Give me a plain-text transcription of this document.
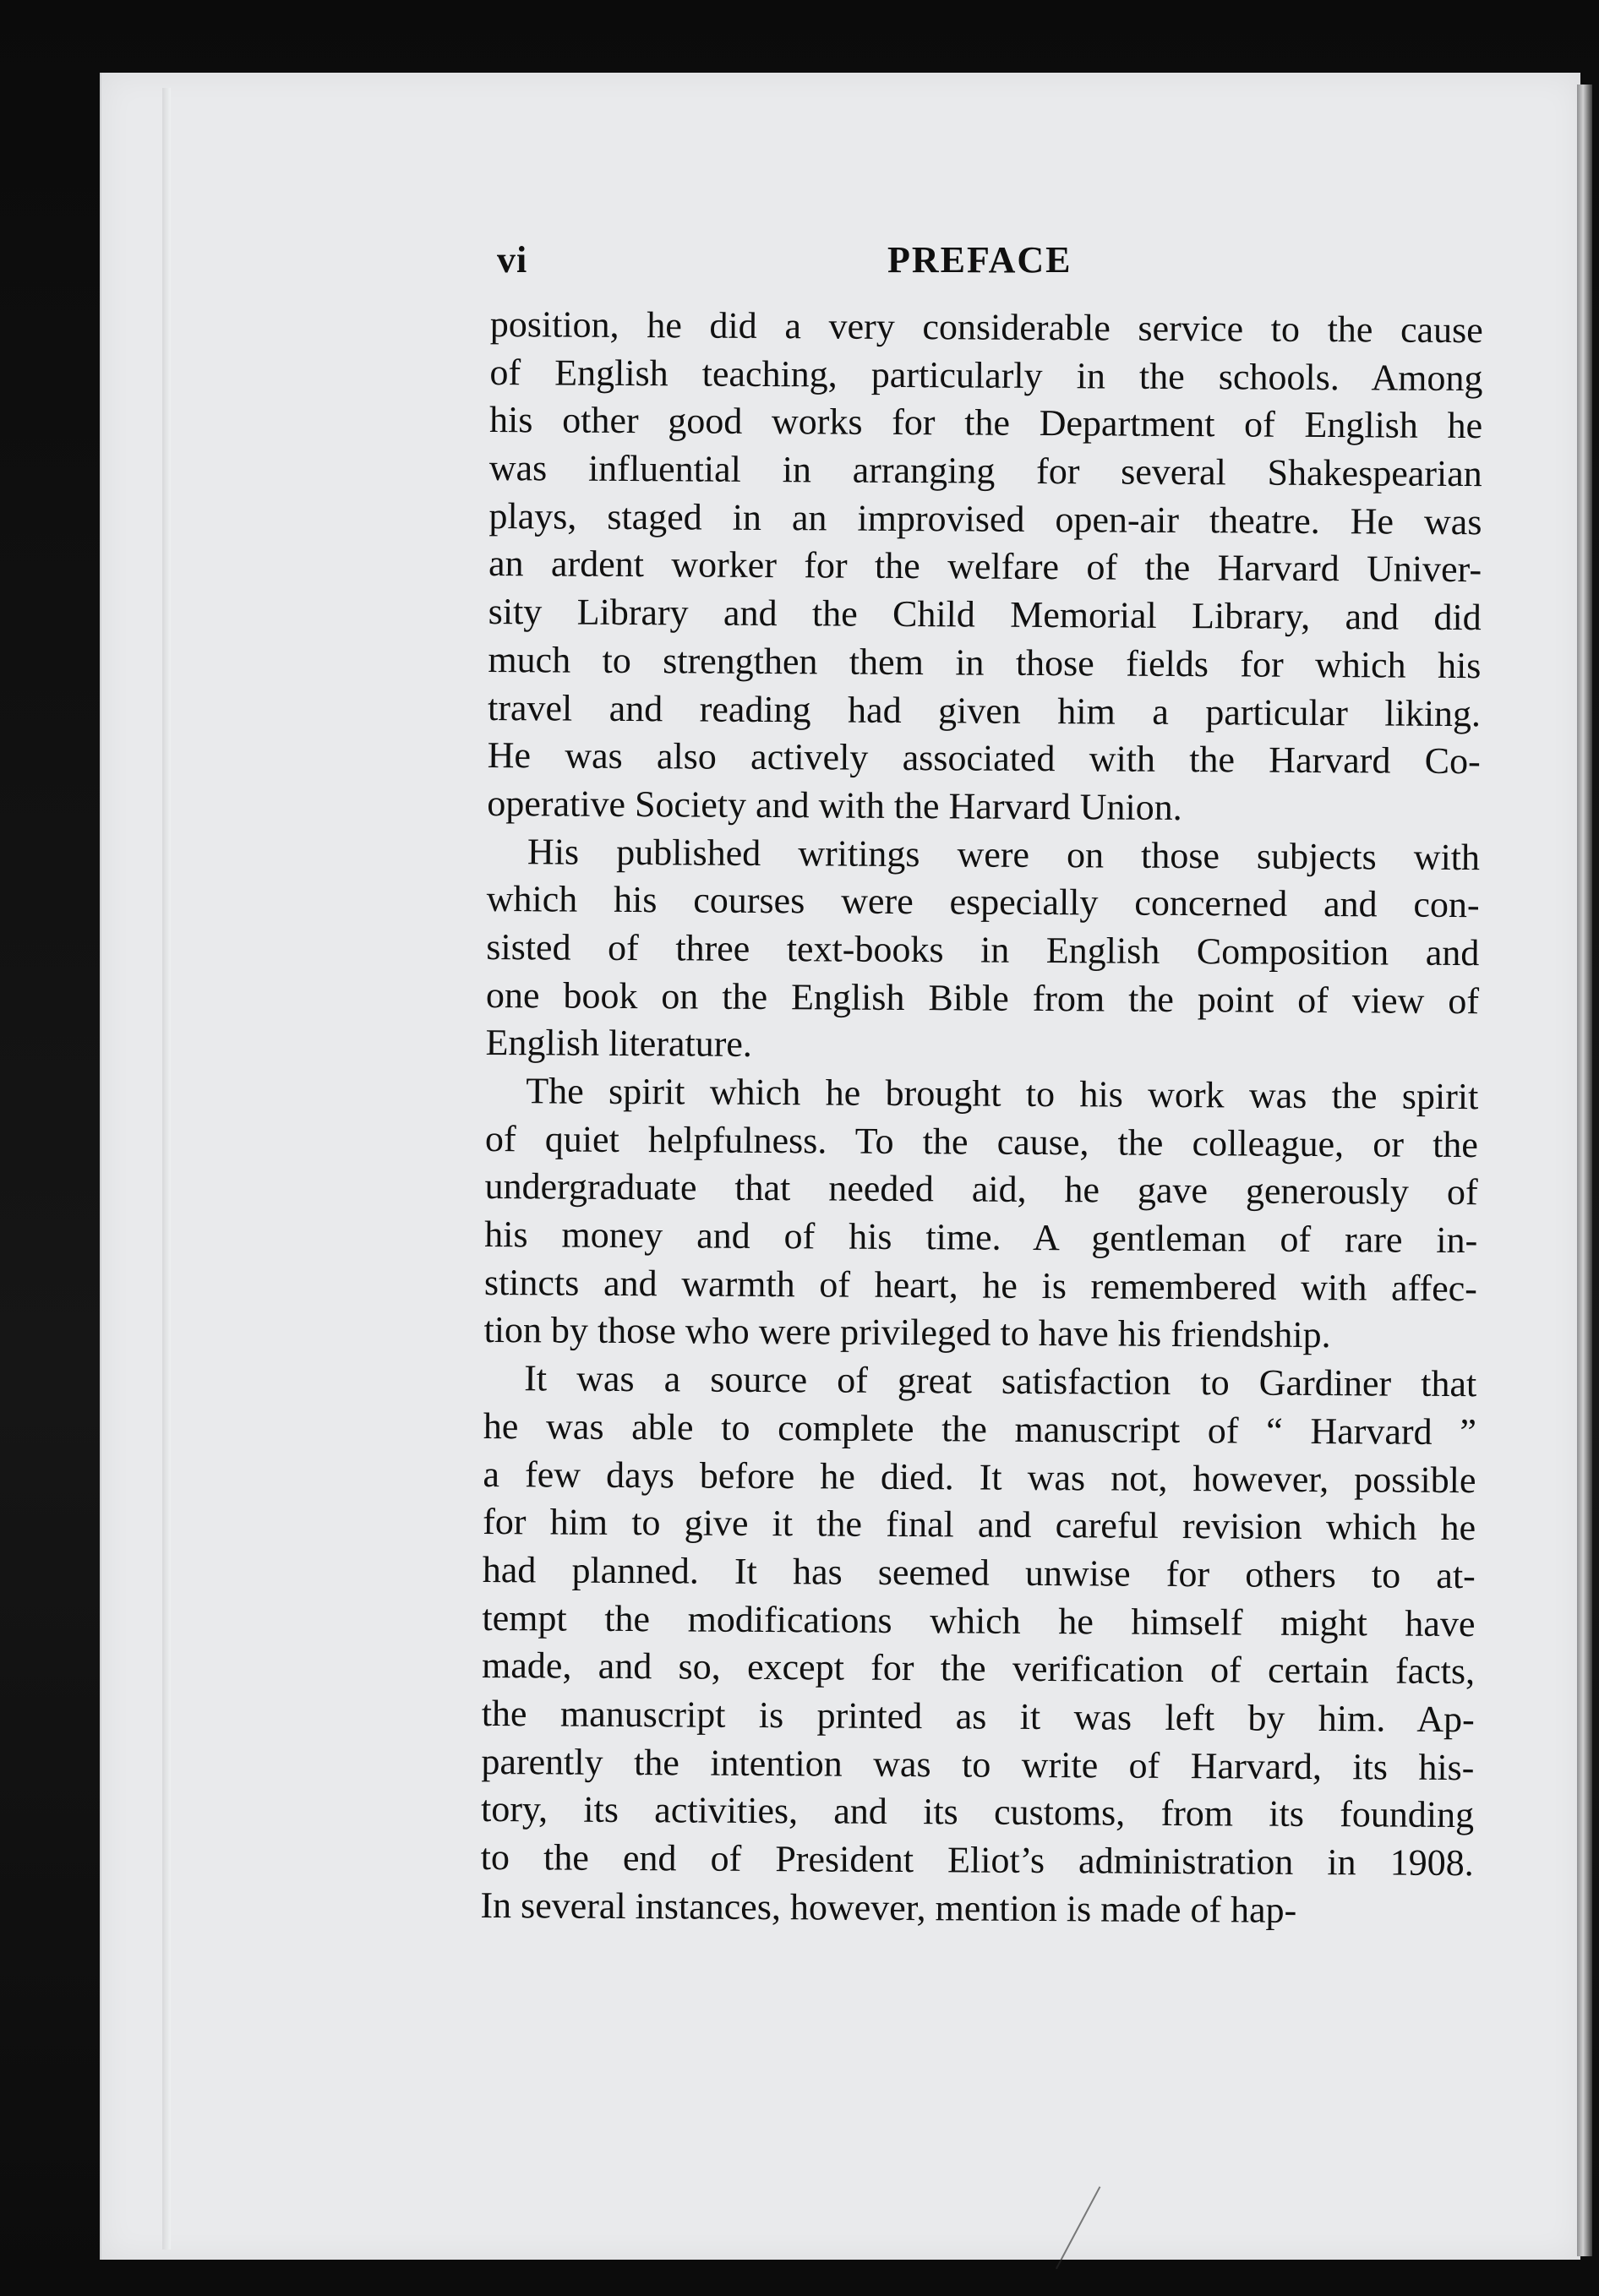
vi	PREFACE
position, he did a very considerable service to the cause
of English teaching, particularly in the schools. Among
his other good works for the Department of English he
was influential in arranging for several Shakespearian
plays, staged in an improvised open-air theatre. He was
an ardent worker for the welfare of the Harvard Univer-
sity Library and the Child Memorial Library, and did
much to strengthen them in those fields for which his
travel and reading had given him a particular liking.
He was also actively associated with the Harvard Co-
operative Society and with the Harvard Union.
His published writings were on those subjects with
which his courses were especially concerned and con-
sisted of three text-books in English Composition and
one book on the English Bible from the point of view of
English literature.
The spirit which he brought to his work was the spirit
of quiet helpfulness. To the cause, the colleague, or the
undergraduate that needed aid, he gave generously of
his money and of his time. A gentleman of rare in-
stincts and warmth of heart, he is remembered with affec-
tion by those who were privileged to have his friendship.
It was a source of great satisfaction to Gardiner that
he was able to complete the manuscript of “ Harvard ”
a few days before he died. It was not, however, possible
for him to give it the final and careful revision which he
had planned. It has seemed unwise for others to at-
tempt the modifications which he himself might have
made, and so, except for the verification of certain facts,
the manuscript is printed as it was left by him. Ap-
parently the intention was to write of Harvard, its his-
tory, its activities, and its customs, from its founding
to the end of President Eliot’s administration in 1908.
In several instances, however, mention is made of hap-
